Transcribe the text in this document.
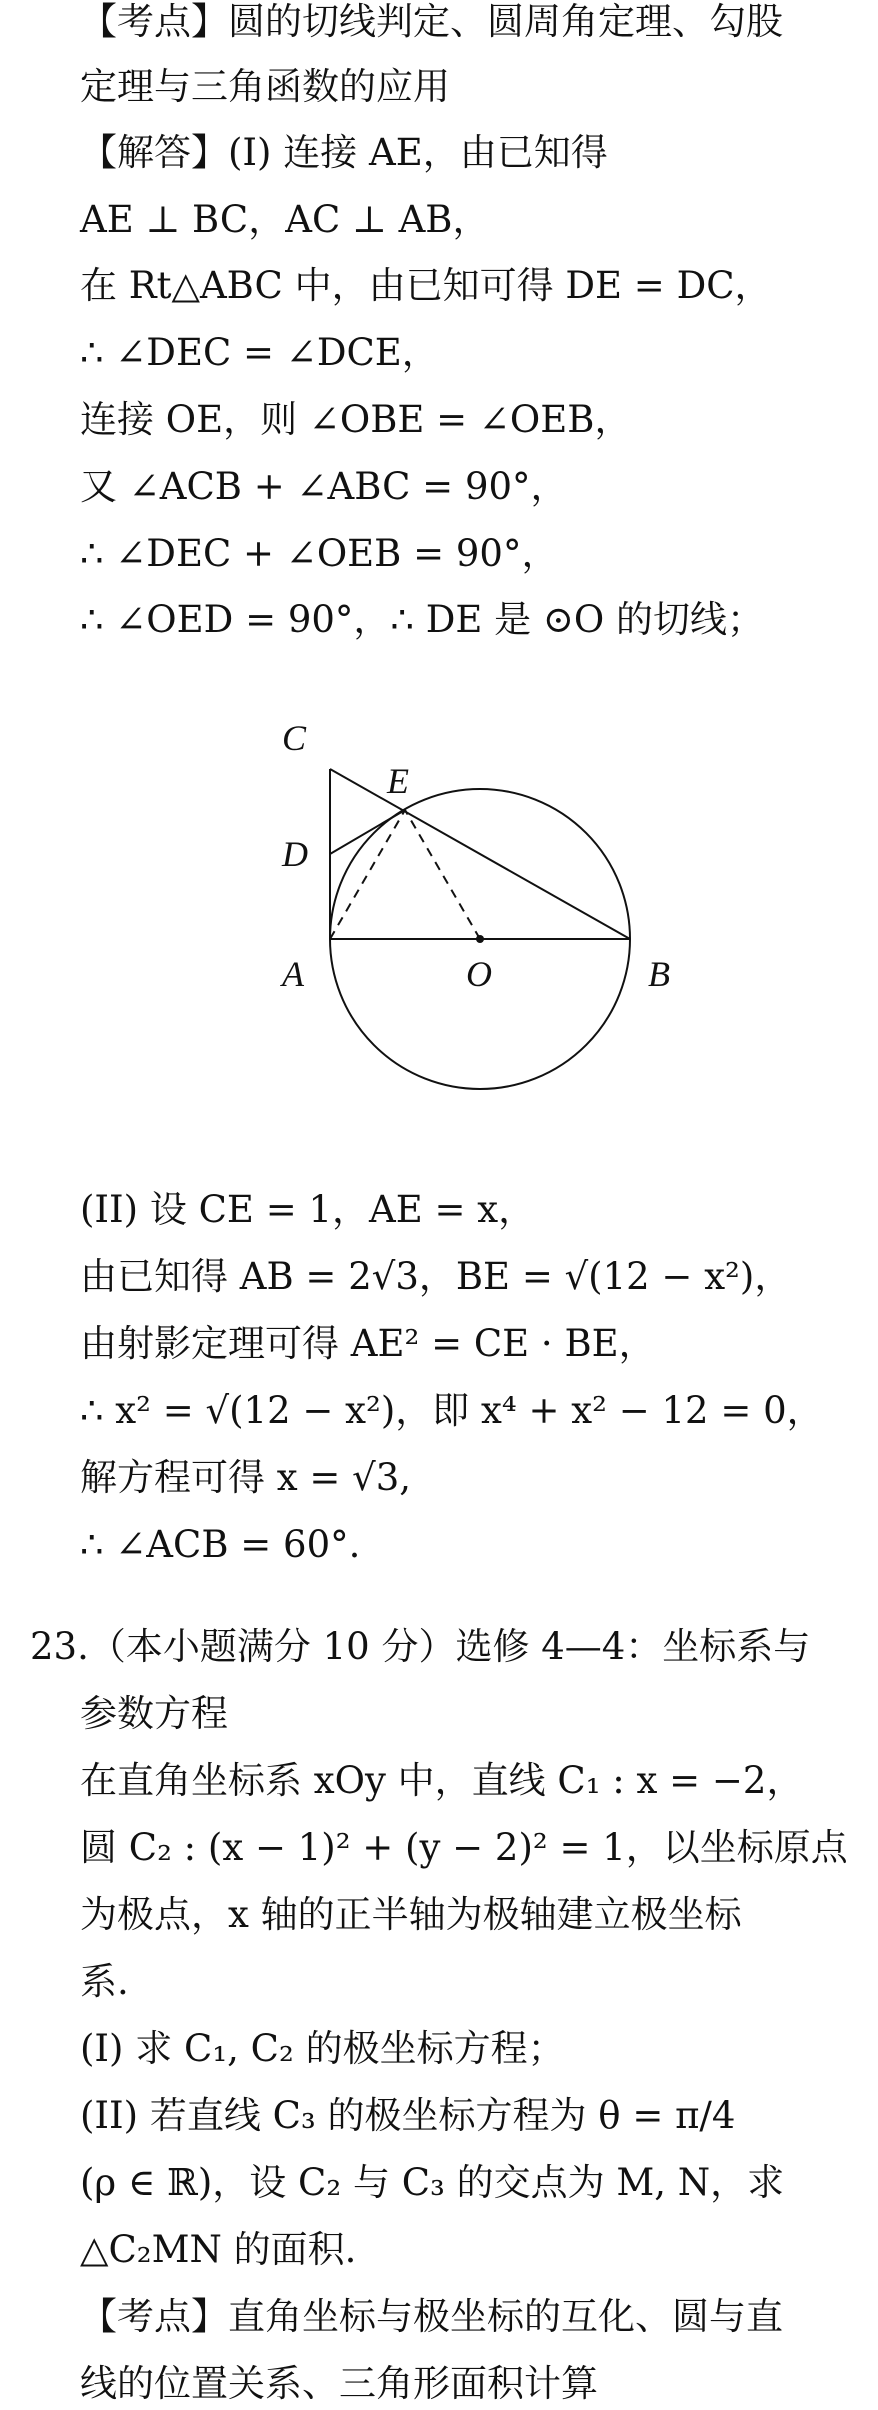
【考点】圆的切线判定、圆周角定理、勾股
定理与三角函数的应用
【解答】(I) 连接 AE，由已知得
AE ⊥ BC，AC ⊥ AB，
在 Rt△ABC 中，由已知可得 DE = DC，
∴ ∠DEC = ∠DCE，
连接 OE，则 ∠OBE = ∠OEB，
又 ∠ACB + ∠ABC = 90°，
∴ ∠DEC + ∠OEB = 90°，
∴ ∠OED = 90°，∴ DE 是 ⊙O 的切线；
C
E
D
A	O	B
(II) 设 CE = 1，AE = x，
由已知得 AB = 2√3，BE = √(12 − x²)，
由射影定理可得 AE² = CE · BE，
∴ x² = √(12 − x²)，即 x⁴ + x² − 12 = 0，
解方程可得 x = √3,
∴ ∠ACB = 60°.
23.（本小题满分 10 分）选修 4—4：坐标系与
参数方程
在直角坐标系 xOy 中，直线 C₁ : x = −2，
圆 C₂ : (x − 1)² + (y − 2)² = 1，以坐标原点
为极点，x 轴的正半轴为极轴建立极坐标
系.
(I) 求 C₁, C₂ 的极坐标方程；
(II) 若直线 C₃ 的极坐标方程为 θ = π/4
(ρ ∈ ℝ)，设 C₂ 与 C₃ 的交点为 M, N，求
△C₂MN 的面积.
【考点】直角坐标与极坐标的互化、圆与直
线的位置关系、三角形面积计算
